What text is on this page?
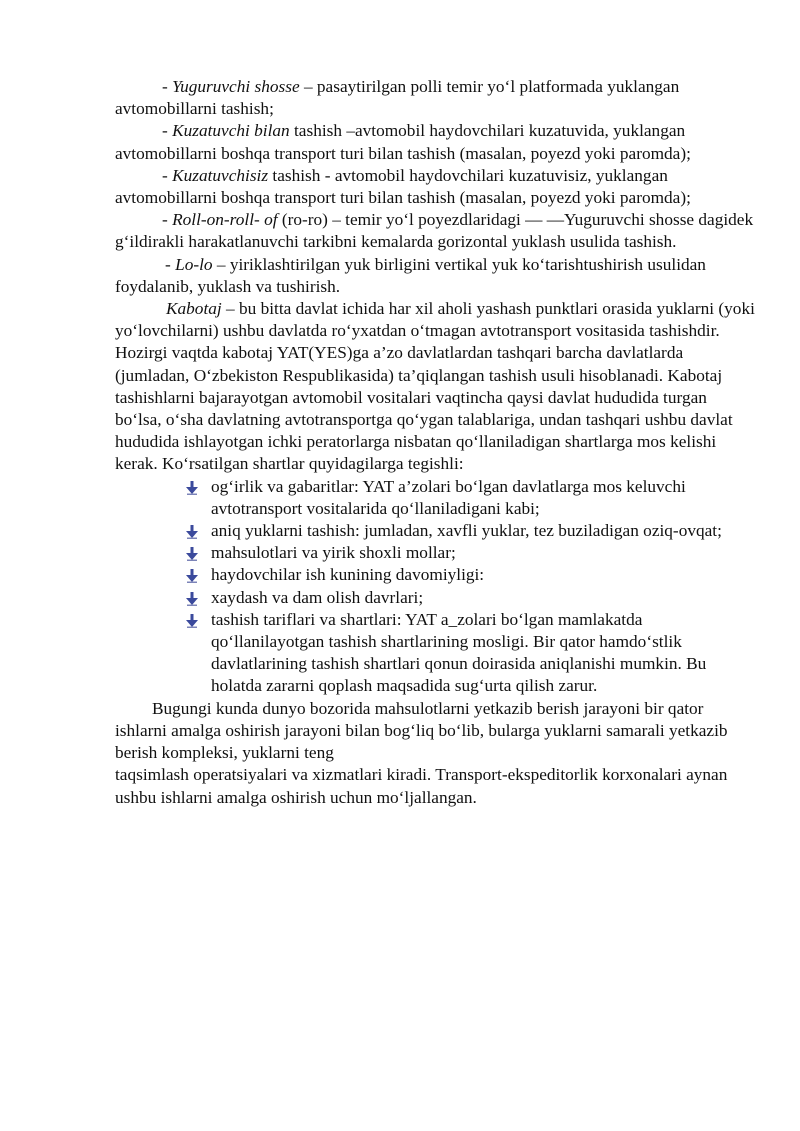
- Yuguruvchi shosse – pasaytirilgan polli temir yo‘l platformada yuklangan avtomobillarni tashish;

- Kuzatuvchi bilan tashish –avtomobil haydovchilari kuzatuvida, yuklangan avtomobillarni boshqa transport turi bilan tashish (masalan, poyezd yoki paromda);

- Kuzatuvchisiz tashish - avtomobil haydovchilari kuzatuvisiz, yuklangan avtomobillarni boshqa transport turi bilan tashish (masalan, poyezd yoki paromda);

- Roll-on-roll- of (ro-ro) – temir yo‘l poyezdlaridagi — —Yuguruvchi shosse dagidek g‘ildirakli harakatlanuvchi tarkibni kemalarda gorizontal yuklash usulida tashish.

- Lo-lo – yiriklashtirilgan yuk birligini vertikal yuk ko‘tarishtushirish usulidan foydalanib, yuklash va tushirish.

Kabotaj – bu bitta davlat ichida har xil aholi yashash punktlari orasida yuklarni (yoki yo‘lovchilarni) ushbu davlatda ro‘yxatdan o‘tmagan avtotransport vositasida tashishdir. Hozirgi vaqtda kabotaj YAT(YES)ga a’zo davlatlardan tashqari barcha davlatlarda (jumladan, O‘zbekiston Respublikasida) ta’qiqlangan tashish usuli hisoblanadi. Kabotaj tashishlarni bajarayotgan avtomobil vositalari vaqtincha qaysi davlat hududida turgan bo‘lsa, o‘sha davlatning avtotransportga qo‘ygan talablariga, undan tashqari ushbu davlat hududida ishlayotgan ichki peratorlarga nisbatan qo‘llaniladigan shartlarga mos kelishi kerak. Ko‘rsatilgan shartlar quyidagilarga tegishli:

og‘irlik va gabaritlar: YAT a’zolari bo‘lgan davlatlarga mos keluvchi avtotransport vositalarida qo‘llaniladigani kabi;
aniq yuklarni tashish: jumladan, xavfli yuklar, tez buziladigan oziq-ovqat;
mahsulotlari va yirik shoxli mollar;
haydovchilar ish kunining davomiyligi:
xaydash va dam olish davrlari;
tashish tariflari va shartlari: YAT a_zolari bo‘lgan mamlakatda qo‘llanilayotgan tashish shartlarining mosligi. Bir qator hamdo‘stlik davlatlarining tashish shartlari qonun doirasida aniqlanishi mumkin. Bu holatda zararni qoplash maqsadida sug‘urta qilish zarur.

Bugungi kunda dunyo bozorida mahsulotlarni yetkazib berish jarayoni bir qator ishlarni amalga oshirish jarayoni bilan bog‘liq bo‘lib, bularga yuklarni samarali yetkazib berish kompleksi, yuklarni teng

taqsimlash operatsiyalari va xizmatlari kiradi. Transport-ekspeditorlik korxonalari aynan ushbu ishlarni amalga oshirish uchun mo‘ljallangan.
